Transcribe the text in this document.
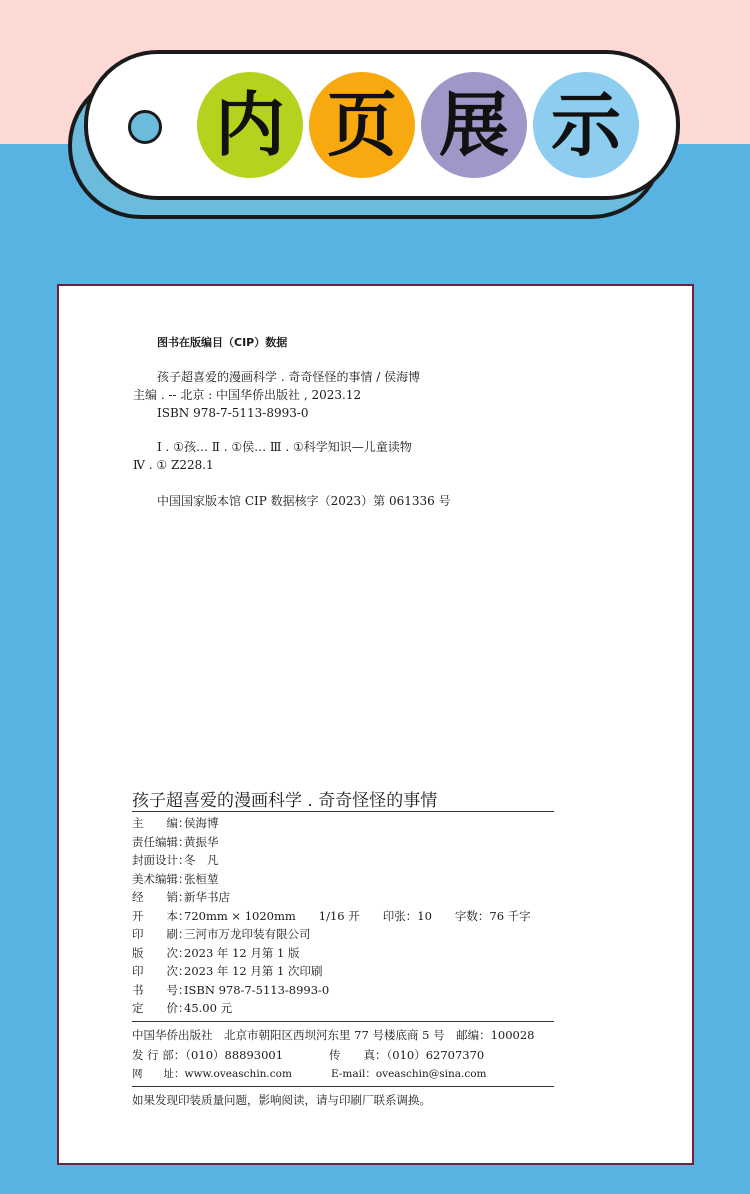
内 页 展 示
图书在版编目（CIP）数据
孩子超喜爱的漫画科学 . 奇奇怪怪的事情 / 侯海博
主编 . -- 北京 : 中国华侨出版社 , 2023.12
ISBN 978-7-5113-8993-0
Ⅰ . ①孩… Ⅱ . ①侯… Ⅲ . ①科学知识—儿童读物
Ⅳ . ① Z228.1
中国国家版本馆 CIP 数据核字（2023）第 061336 号
孩子超喜爱的漫画科学 . 奇奇怪怪的事情
主　　编：侯海博
责任编辑：黄振华
封面设计：冬　凡
美术编辑：张桓堃
经　　销：新华书店
开　　本：720mm × 1020mm　　1/16 开　　印张：10　　字数：76 千字
印　　刷：三河市万龙印装有限公司
版　　次：2023 年 12 月第 1 版
印　　次：2023 年 12 月第 1 次印刷
书　　号：ISBN 978-7-5113-8993-0
定　　价：45.00 元
中国华侨出版社　北京市朝阳区西坝河东里 77 号楼底商 5 号　邮编：100028
发 行 部：（010）88893001	传　　真：（010）62707370
网　　址：www.oveaschin.com	E-mail：oveaschin@sina.com
如果发现印装质量问题，影响阅读，请与印刷厂联系调换。
